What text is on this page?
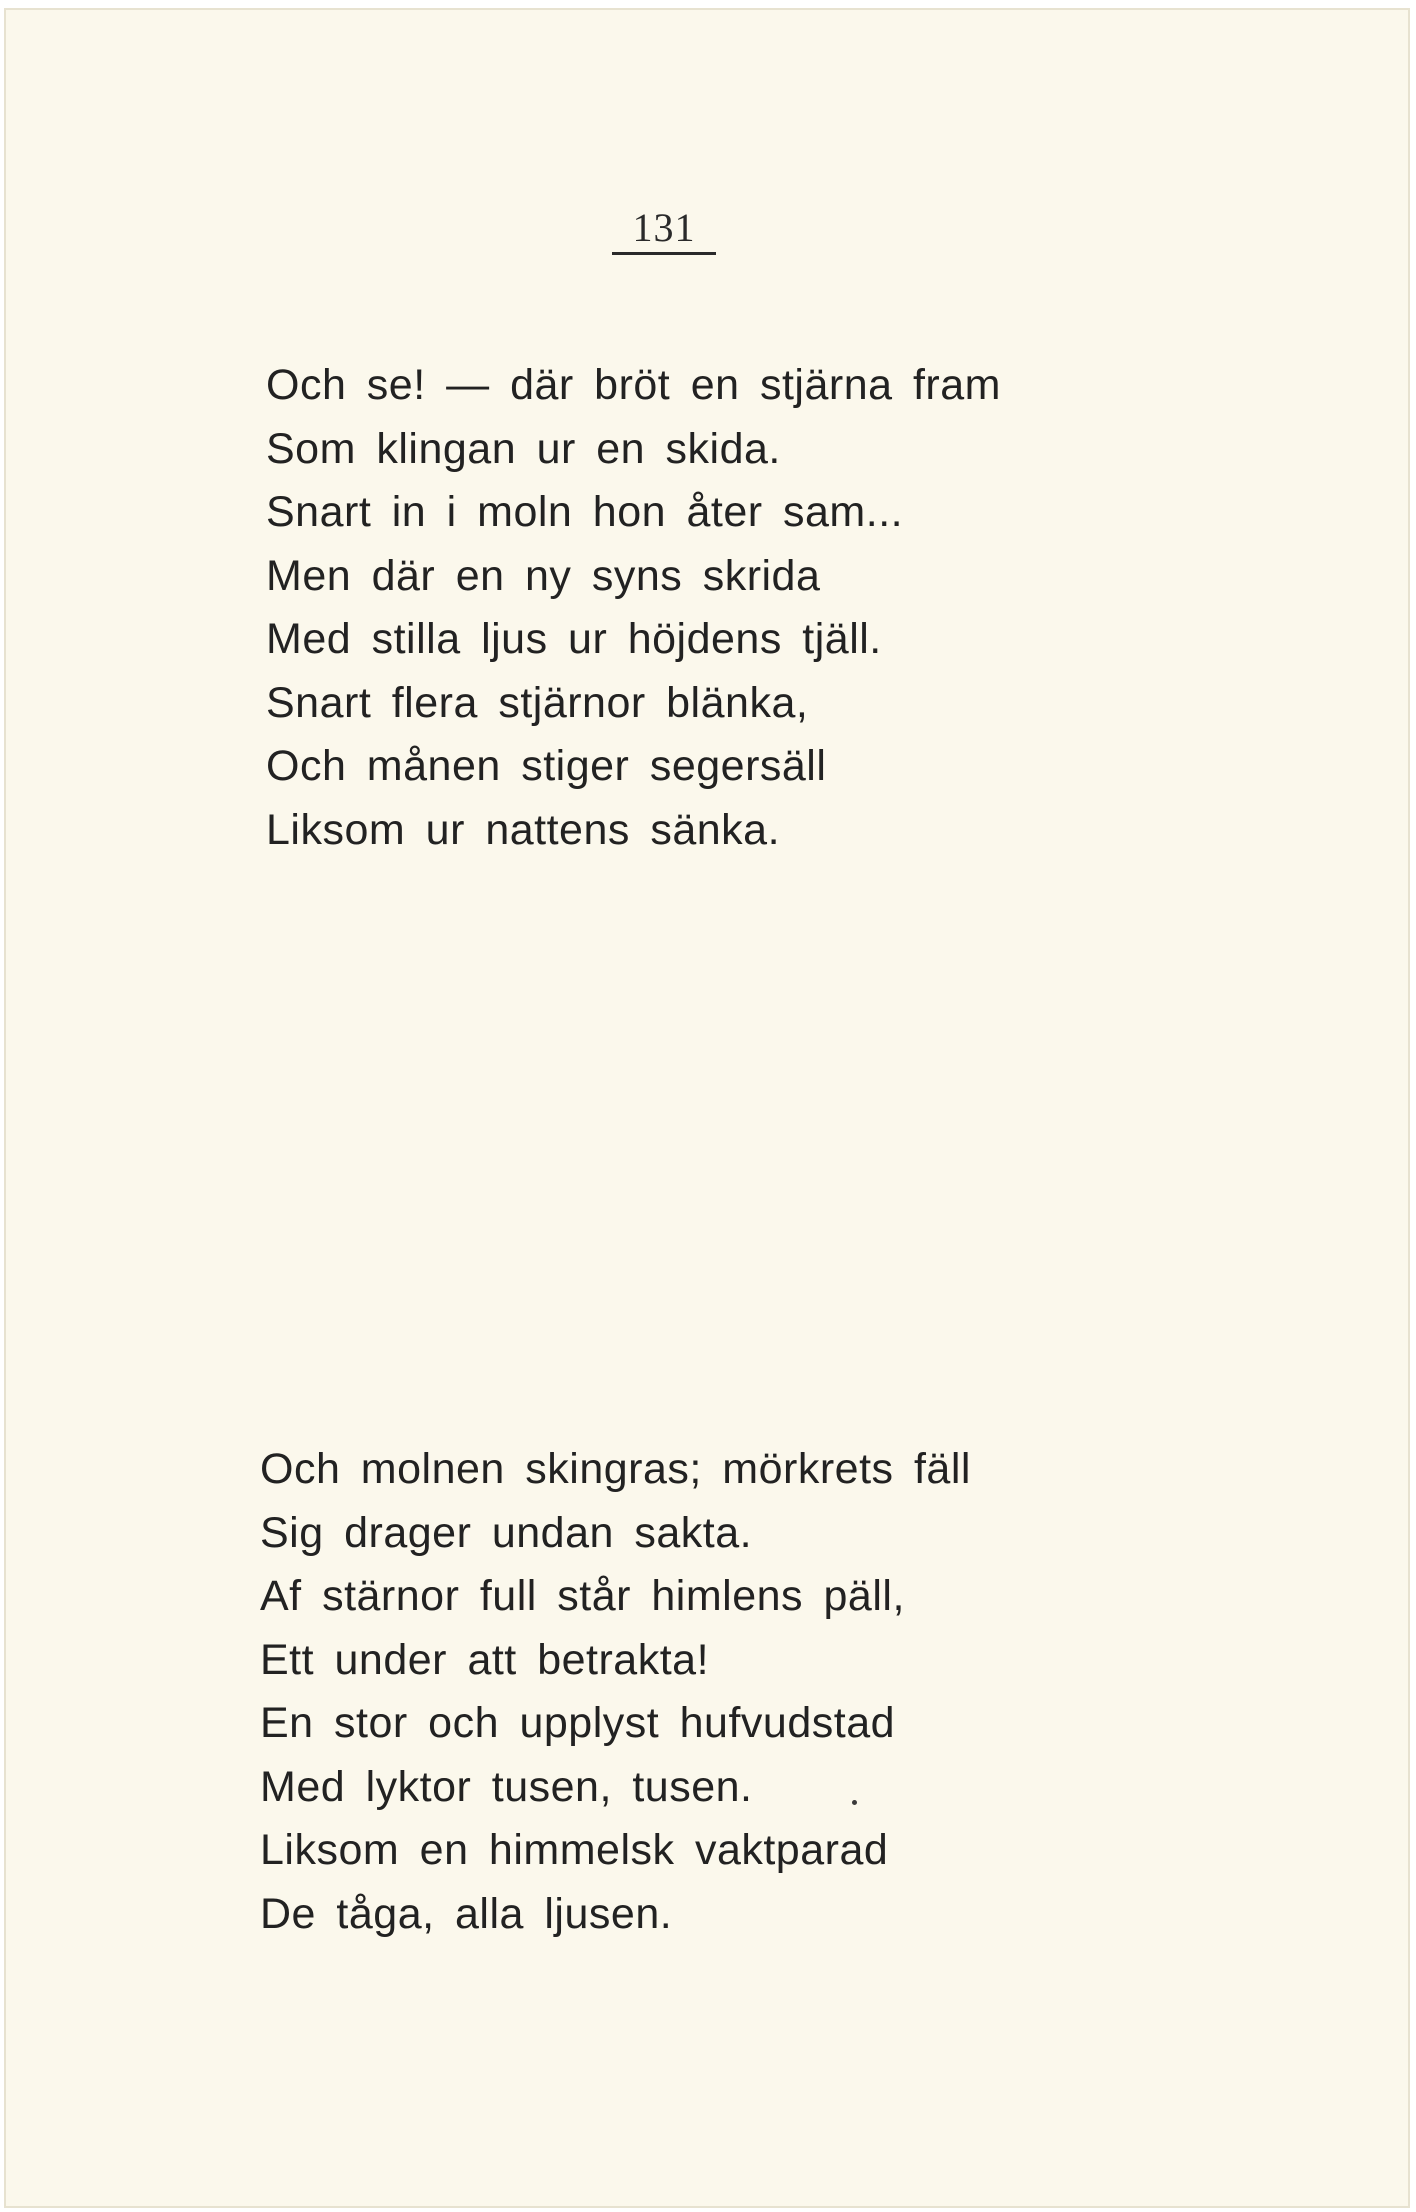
131
Och se! — där bröt en stjärna fram
Som klingan ur en skida.
Snart in i moln hon åter sam...
Men där en ny syns skrida
Med stilla ljus ur höjdens tjäll.
Snart flera stjärnor blänka,
Och månen stiger segersäll
Liksom ur nattens sänka.
Och molnen skingras; mörkrets fäll
Sig drager undan sakta.
Af stärnor full står himlens päll,
Ett under att betrakta!
En stor och upplyst hufvudstad
Med lyktor tusen, tusen.
Liksom en himmelsk vaktparad
De tåga, alla ljusen.
